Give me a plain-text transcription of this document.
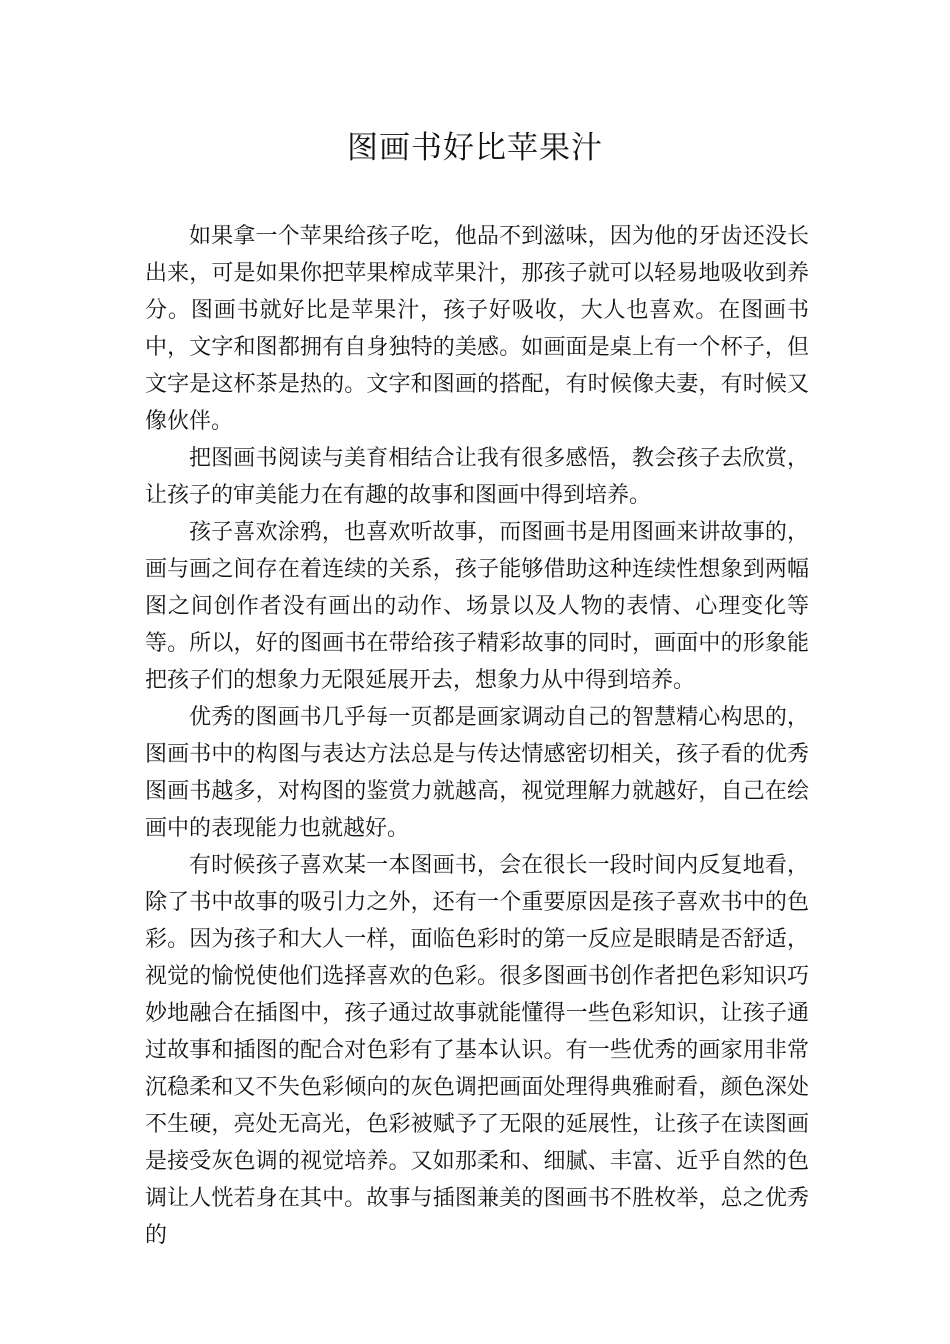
图画书好比苹果汁

如果拿一个苹果给孩子吃，他品不到滋味，因为他的牙齿还没长出来，可是如果你把苹果榨成苹果汁，那孩子就可以轻易地吸收到养分。图画书就好比是苹果汁，孩子好吸收，大人也喜欢。在图画书中，文字和图都拥有自身独特的美感。如画面是桌上有一个杯子，但文字是这杯茶是热的。文字和图画的搭配，有时候像夫妻，有时候又像伙伴。

把图画书阅读与美育相结合让我有很多感悟，教会孩子去欣赏，让孩子的审美能力在有趣的故事和图画中得到培养。

孩子喜欢涂鸦，也喜欢听故事，而图画书是用图画来讲故事的，画与画之间存在着连续的关系，孩子能够借助这种连续性想象到两幅图之间创作者没有画出的动作、场景以及人物的表情、心理变化等等。所以，好的图画书在带给孩子精彩故事的同时，画面中的形象能把孩子们的想象力无限延展开去，想象力从中得到培养。

优秀的图画书几乎每一页都是画家调动自己的智慧精心构思的，图画书中的构图与表达方法总是与传达情感密切相关，孩子看的优秀图画书越多，对构图的鉴赏力就越高，视觉理解力就越好，自己在绘画中的表现能力也就越好。

有时候孩子喜欢某一本图画书，会在很长一段时间内反复地看，除了书中故事的吸引力之外，还有一个重要原因是孩子喜欢书中的色彩。因为孩子和大人一样，面临色彩时的第一反应是眼睛是否舒适，视觉的愉悦使他们选择喜欢的色彩。很多图画书创作者把色彩知识巧妙地融合在插图中，孩子通过故事就能懂得一些色彩知识，让孩子通过故事和插图的配合对色彩有了基本认识。有一些优秀的画家用非常沉稳柔和又不失色彩倾向的灰色调把画面处理得典雅耐看，颜色深处不生硬，亮处无高光，色彩被赋予了无限的延展性，让孩子在读图画是接受灰色调的视觉培养。又如那柔和、细腻、丰富、近乎自然的色调让人恍若身在其中。故事与插图兼美的图画书不胜枚举，总之优秀的
